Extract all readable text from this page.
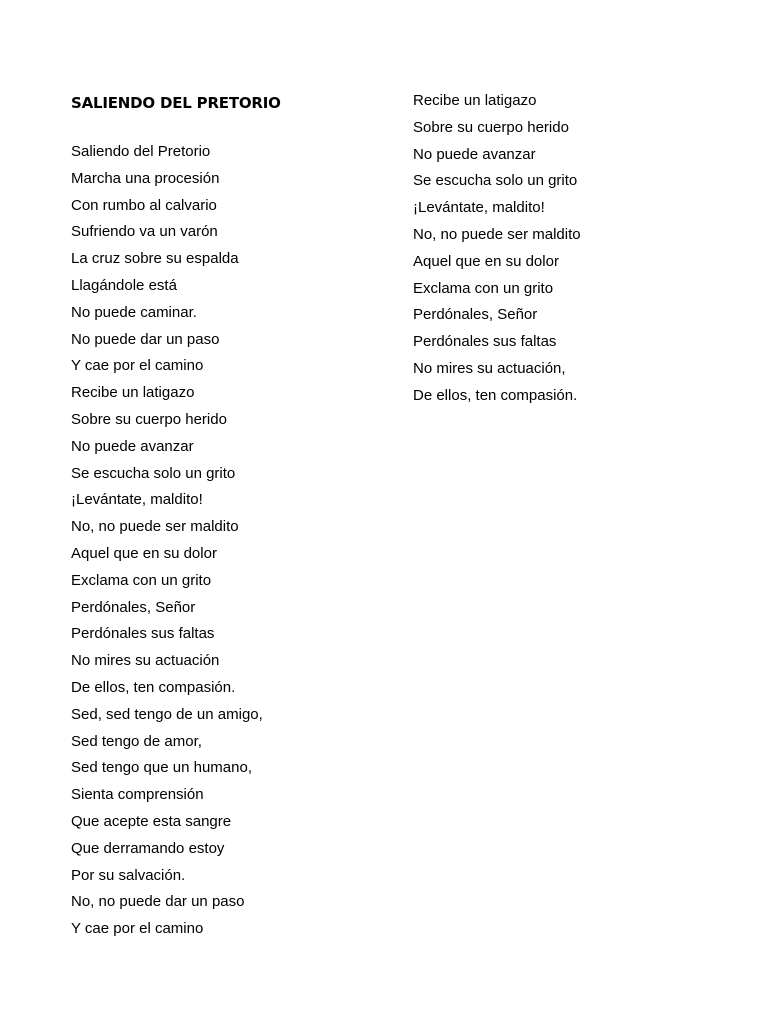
SALIENDO DEL PRETORIO
Saliendo del Pretorio
Marcha una procesión
Con rumbo al calvario
Sufriendo va un varón
La cruz sobre su espalda
Llagándole está
No puede caminar.
No puede dar un paso
Y cae por el camino
Recibe un latigazo
Sobre su cuerpo herido
No puede avanzar
Se escucha solo un grito
¡Levántate, maldito!
No, no puede ser maldito
Aquel que en su dolor
Exclama con un grito
Perdónales, Señor
Perdónales sus faltas
No mires su actuación
De ellos, ten compasión.
Sed, sed tengo de un amigo,
Sed tengo de amor,
Sed tengo que un humano,
Sienta comprensión
Que acepte esta sangre
Que derramando estoy
Por su salvación.
No, no puede dar un paso
Y cae por el camino
Recibe un latigazo
Sobre su cuerpo herido
No puede avanzar
Se escucha solo un grito
¡Levántate, maldito!
No, no puede ser maldito
Aquel que en su dolor
Exclama con un grito
Perdónales, Señor
Perdónales sus faltas
No mires su actuación,
De ellos, ten compasión.
